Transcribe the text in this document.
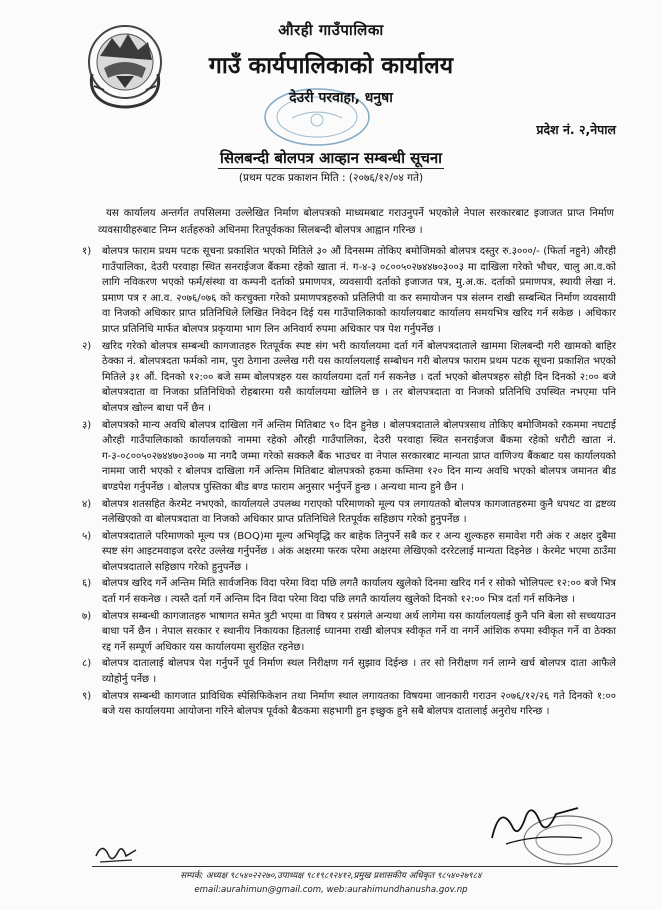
औरही गाउँपालिका
गाउँ कार्यपालिकाको कार्यालय
देउरी परवाहा, धनुषा
प्रदेश नं. २,नेपाल
सिलबन्दी बोलपत्र आव्हान सम्बन्धी सूचना
(प्रथम पटक प्रकाशन मिति : (२०७६/१२/०४ गते)

यस कार्यालय अन्तर्गत तपसिलमा उल्लेखित निर्माण बोलपत्रको माध्यमबाट गराउनुपर्ने भएकोले नेपाल सरकारबाट इजाजत प्राप्त निर्माण व्यवसायीहरुबाट निम्न शर्तहरुको अधिनमा रितपूर्वकका सिलबन्दी बोलपत्र आह्वान गरिन्छ ।

१) बोलपत्र फाराम प्रथम पटक सूचना प्रकाशित भएको मितिले ३० औं दिनसम्म तोकिए बमोजिमको बोलपत्र दस्तुर रु.३०००/- (फिर्ता नहुने) औरही गाउँपालिका, देउरी परवाहा स्थित सनराईजज बैंकमा रहेको खाता नं. ग-४-३ ०८००५०२७४४७०३००३ मा दाखिला गरेको भौचर, चालु आ.व.को लागि नविकरण भएको फर्म/संस्था वा कम्पनी दर्ताको प्रमाणपत्र, व्यवसायी दर्ताको इजाजत पत्र, मु.अ.क. दर्ताको प्रमाणपत्र, स्थायी लेखा नं. प्रमाण पत्र र आ.व. २०७६/०७६ को करचुक्ता गरेको प्रमाणपत्रहरुको प्रतिलिपी वा कर समायोजन पत्र संलग्न राखी सम्बन्धित निर्माण व्यवसायी वा निजको अधिकार प्राप्त प्रतिनिधिले लिखित निवेदन दिई यस गाउँपालिकाको कार्यालयबाट कार्यालय समयभित्र खरिद गर्न सकेछ । अधिकार प्राप्त प्रतिनिधि मार्फत बोलपत्र प्रकृयामा भाग लिन अनिवार्य रुपमा अधिकार पत्र पेश गर्नुपर्नेछ ।
२) खरिद गरेको बोलपत्र सम्बन्धी कागजातहरु रितपूर्वक स्पष्ट संग भरी कार्यालयमा दर्ता गर्ने बोलपत्रदाताले खाममा शिलबन्दी गरी खामको बाहिर ठेक्का नं. बोलपत्रदता फर्मको नाम, पुरा ठेगाना उल्लेख गरी यस कार्यालयलाई सम्बोधन गरी बोलपत्र फाराम प्रथम पटक सूचना प्रकाशित भएको मितिले ३१ औं. दिनको १२:०० बजे सम्म बोलपत्रहरु यस कार्यालयमा दर्ता गर्न सकनेछ । दर्ता भएको बोलपत्रहरु सोही दिन दिनको २:०० बजे बोलपत्रदाता वा निजका प्रतिनिधिको रोहबारमा यसै कार्यालयमा खोलिने छ । तर बोलपत्रदाता वा निजको प्रतिनिधि उपस्थित नभएमा पनि बोलपत्र खोल्न बाधा पर्ने छैन ।
३) बोलपत्रको मान्य अवधि बोलपत्र दाखिला गर्ने अन्तिम मितिबाट ९० दिन हुनेछ । बोलपत्रदाताले बोलपत्रसाथ तोकिए बमोजिमको रकममा नघटाई औरही गाउँपालिकाको कार्यालयको नाममा रहेको औरही गाउँपालिका, देउरी परवाहा स्थित सनराईजज बैंकमा रहेको धरौटी खाता नं. ग-३-०८००५०२७४४७०३००७ मा नगदै जम्मा गरेको सक्कलै बैंक भाउचर वा नेपाल सरकारबाट मान्यता प्राप्त वाणिज्य बैंकबाट यस कार्यालयको नाममा जारी भएको र बोलपत्र दाखिला गर्ने अन्तिम मितिबाट बोलपत्रको हकमा कम्तिमा १२० दिन मान्य अवधि भएको बोलपत्र जमानत बीड बण्डपेश गर्नुपर्नेछ । बोलपत्र पुस्तिका बीड बण्ड फाराम अनुसार भर्नुपर्ने हुन्छ । अन्यथा मान्य हुने छैन ।
४) बोलपत्र शतसहित केरमेट नभएको, कार्यालयले उपलब्ध गराएको परिमाणको मूल्य पत्र लगायतको बोलपत्र कागजातहरुमा कुनै धपधट वा द्रष्टव्य नलेखिएको वा बोलपत्रदाता वा निजको अधिकार प्राप्त प्रतिनिधिले रितपूर्वक सहिछाप गरेको हुनुपर्नेछ ।
५) बोलपत्रदाताले परिमाणको मूल्य पत्र (BOQ)मा मूल्य अभिवृद्धि कर बाहेक तिनुपर्ने सबै कर र अन्य शुल्कहरु समावेश गरी अंक र अक्षर दुबैमा स्पष्ट संग आइटमवाइज दररेट उल्लेख गर्नुपर्नेछ । अंक अक्षरमा फरक परेमा अक्षरमा लेखिएको दररेटलाई मान्यता दिइनेछ । केरमेट भएमा ठाउँमा बोलपत्रदाताले सहिछाप गरेको हुनुपर्नेछ ।
६) बोलपत्र खरिद गर्ने अन्तिम मिति सार्वजनिक विदा परेमा विदा पछि लगतै कार्यालय खुलेको दिनमा खरिद गर्न र सोको भोलिपल्ट १२:०० बजे भित्र दर्ता गर्न सकनेछ । त्यस्तै दर्ता गर्ने अन्तिम दिन विदा परेमा विदा पछि लगतै कार्यालय खुलेको दिनको १२:०० भित्र दर्ता गर्न सकिनेछ ।
७) बोलपत्र सम्बन्धी कागजातहरु भाषागत समेत त्रुटी भएमा वा विषय र प्रसंगले अन्यथा अर्थ लागेमा यस कार्यालयलाई कुनै पनि बेला सो सच्चयाउन बाधा पर्ने छैन । नेपाल सरकार र स्थानीय निकायका हितलाई ध्यानमा राखी बोलपत्र स्वीकृत गर्ने वा नगर्ने आंशिक रुपमा स्वीकृत गर्ने वा ठेक्का रद्द गर्ने सम्पूर्ण अधिकार यस कार्यालयमा सुरक्षित रहनेछ।
८) बोलपत्र दातालाई बोलपत्र पेश गर्नुपर्ने पूर्व निर्माण स्थल निरीक्षण गर्न सुझाव दिईन्छ । तर सो निरीक्षण गर्न लाग्ने खर्च बोलपत्र दाता आफैले व्योहोर्नु पर्नेछ ।
९) बोलपत्र सम्बन्धी कागजात प्राविधिक स्पेसिफिकेशन तथा निर्माण स्थाल लगायतका विषयमा जानकारी गराउन २०७६/१२/२६ गते दिनको १:०० बजे यस कार्यालयमा आयोजना गरिने बोलपत्र पूर्वको बैठकमा सहभागी हुन इच्छुक हुने सबै बोलपत्र दातालाई अनुरोध गरिन्छ ।
सम्पर्क: अध्यक्ष ९८५४०२२२७०,उपाध्यक्ष ९८१९८१२४१२,प्रमुख प्रशासकीय अधिकृत ९८५४०२७९८४
email:aurahimun@gmail.com, web:aurahimundhanusha.gov.np
